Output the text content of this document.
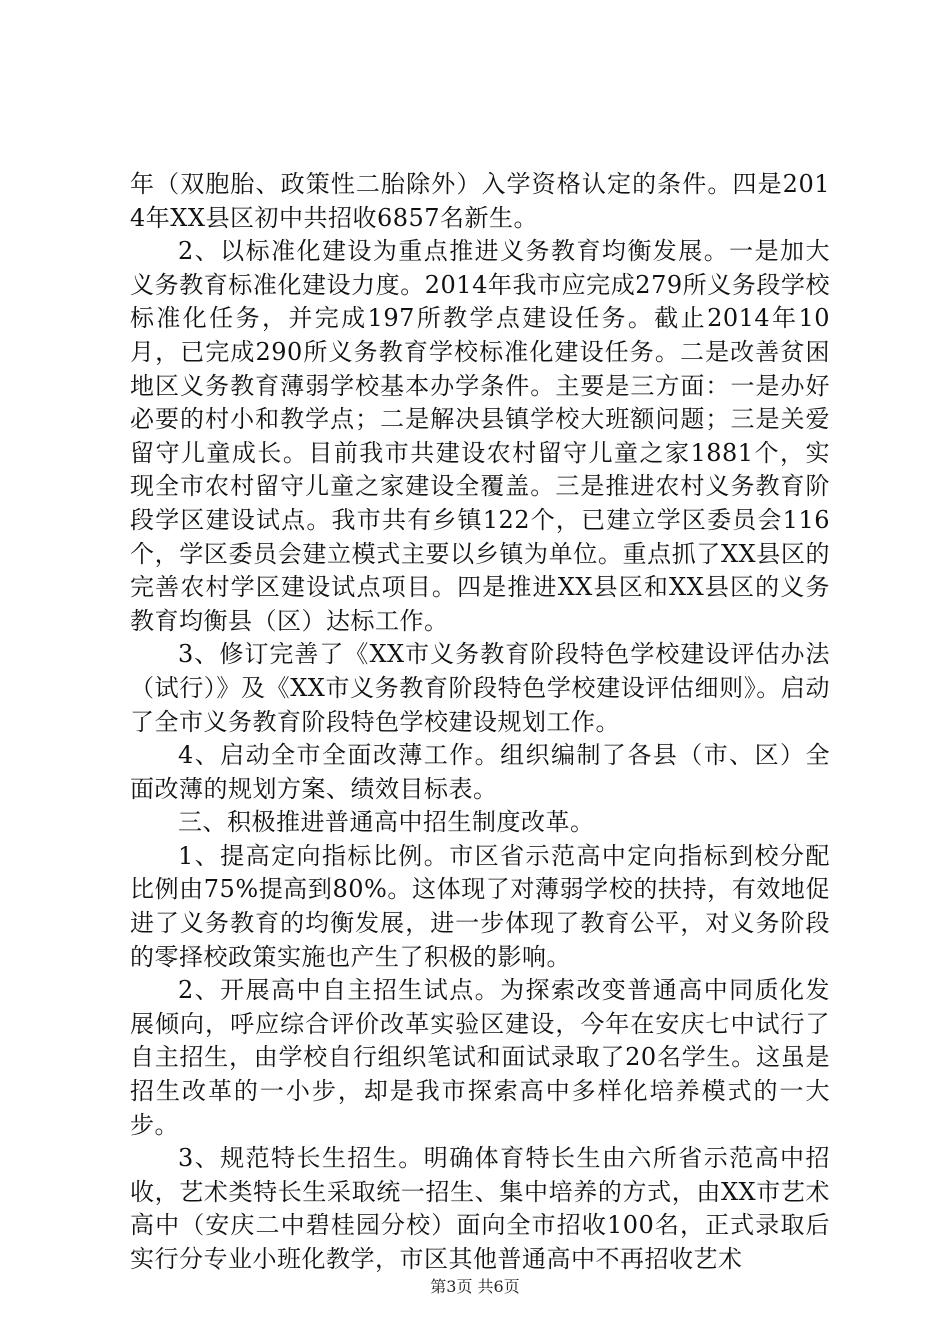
年（双胞胎、政策性二胎除外）入学资格认定的条件。四是2014年XX县区初中共招收6857名新生。

2、以标准化建设为重点推进义务教育均衡发展。一是加大义务教育标准化建设力度。2014年我市应完成279所义务段学校标准化任务，并完成197所教学点建设任务。截止2014年10月，已完成290所义务教育学校标准化建设任务。二是改善贫困地区义务教育薄弱学校基本办学条件。主要是三方面：一是办好必要的村小和教学点；二是解决县镇学校大班额问题；三是关爱留守儿童成长。目前我市共建设农村留守儿童之家1881个，实现全市农村留守儿童之家建设全覆盖。三是推进农村义务教育阶段学区建设试点。我市共有乡镇122个，已建立学区委员会116个，学区委员会建立模式主要以乡镇为单位。重点抓了XX县区的完善农村学区建设试点项目。四是推进XX县区和XX县区的义务教育均衡县（区）达标工作。

3、修订完善了《XX市义务教育阶段特色学校建设评估办法（试行）》及《XX市义务教育阶段特色学校建设评估细则》。启动了全市义务教育阶段特色学校建设规划工作。

4、启动全市全面改薄工作。组织编制了各县（市、区）全面改薄的规划方案、绩效目标表。

三、积极推进普通高中招生制度改革。

1、提高定向指标比例。市区省示范高中定向指标到校分配比例由75%提高到80%。这体现了对薄弱学校的扶持，有效地促进了义务教育的均衡发展，进一步体现了教育公平，对义务阶段的零择校政策实施也产生了积极的影响。

2、开展高中自主招生试点。为探索改变普通高中同质化发展倾向，呼应综合评价改革实验区建设，今年在安庆七中试行了自主招生，由学校自行组织笔试和面试录取了20名学生。这虽是招生改革的一小步，却是我市探索高中多样化培养模式的一大步。

3、规范特长生招生。明确体育特长生由六所省示范高中招收，艺术类特长生采取统一招生、集中培养的方式，由XX市艺术高中（安庆二中碧桂园分校）面向全市招收100名，正式录取后实行分专业小班化教学，市区其他普通高中不再招收艺术

第3页 共6页
